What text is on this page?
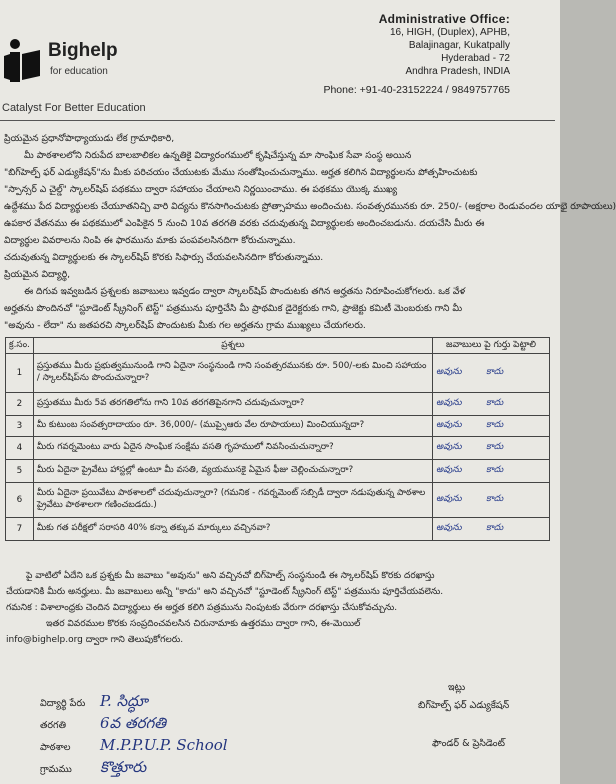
Bighelp
for education
Catalyst For Better Education
Administrative Office:
16, HIGH, (Duplex), APHB,
Balajinagar, Kukatpally
Hyderabad - 72
Andhra Pradesh, INDIA
Phone: +91-40-23152224 / 9849757765

ప్రియమైన ప్రధానోపాధ్యాయుడు లేక గ్రామాధికారి,

మీ పాఠశాలలోని నిరుపేద బాలబాలికల ఉన్నతికై విద్యారంగములో కృషిచేస్తున్న మా సాంఘిక సేవా సంస్థ అయిన

"బిగ్‌హెల్ప్ ఫర్ ఎడ్యుకేషన్"ను మీకు పరిచయం చేయుటకు మేము సంతోషించుచున్నాము. అర్హత కలిగిన విద్యార్థులను పోత్సహించుటకు

"స్పాన్సర్ ఎ చైల్డ్" స్కాలర్‌షిప్ పథకము ద్వారా సహాయం చేయాలని నిర్ణయించాము. ఈ పథకము యొక్క ముఖ్య

ఉద్దేశము పేద విద్యార్థులకు చేయూతనిచ్చి వారి విద్యను కొనసాగించుటకు ప్రోత్సాహము అందించుట. సంవత్సరమునకు రూ. 250/- (అక్షరాల రెండువందల యాభై రూపాయలు)

ఉపకార వేతనము ఈ పథకములో ఎంపికైన 5 నుంచి 10వ తరగతి వరకు చదువుతున్న విద్యార్థులకు అందించబడును. దయచేసి మీరు ఈ

విద్యార్థుల వివరాలను నింపి ఈ ఫారమును మాకు పంపవలసినదిగా కోరుచున్నాము.

చదువుతున్న విద్యార్థులకు ఈ స్కాలర్‌షిప్ కొరకు సిఫార్సు చేయవలసినదిగా కోరుతున్నాము.

ప్రియమైన విద్యార్థి,

ఈ దిగువ ఇవ్వబడిన ప్రశ్నలకు జవాబులు ఇవ్వడం ద్వారా స్కాలర్‌షిప్ పొందుటకు తగిన అర్హతను నిరూపించుకోగలరు. ఒక వేళ

అర్హతను పొందినచో "స్టూడెంట్ స్క్రీనింగ్ టెస్ట్" పత్రమును పూర్తిచేసి మీ ప్రాథమిక డైరెక్టరుకు గాని, ప్రాజెక్టు కమిటీ మెంబరుకు గాని మీ

"అవును - లేదా" ను జతపరచి స్కాలర్‌షిప్ పొందుటకు మీకు గల అర్హతను గ్రామ ముఖ్యలు చేయగలరు.

క్ర.సం.	ప్రశ్నలు	జవాబులు పై గుర్తు పెట్టాలి
1	ప్రస్తుతము మీరు ప్రభుత్వమునుండి గాని ఏదైనా సంస్థనుండి గాని సంవత్సరమునకు రూ. 500/-లకు మించి సహాయం / స్కాలర్‌షిప్‌ను పొందుచున్నారా?	అవును కాదు
2	ప్రస్తుతము మీరు 5వ తరగతిలోను గాని 10వ తరగతిపైనగాని చదువుచున్నారా?	అవును కాదు
3	మీ కుటుంబ సంవత్సరాదాయం రూ. 36,000/- (ముప్పైఆరు వేల రూపాయలు) మించియున్నదా?	అవును కాదు
4	మీరు గవర్నమెంటు వారు ఏదైన సాంఘిక సంక్షేమ వసతి గృహములో నివసించుచున్నారా?	అవును కాదు
5	మీరు ఏదైనా ప్రైవేటు హాస్టల్లో ఉంటూ మీ వసతి, వ్యయమునకై ఏమైన ఫీజు చెల్లించుచున్నారా?	అవును కాదు
6	మీరు ఏదైనా ప్రయివేటు పాఠశాలలో చదువుచున్నారా? (గమనిక - గవర్నమెంట్ సబ్సిడీ ద్వారా నడుపుతున్న పాఠశాల ప్రైవేటు పాఠశాలగా గణించబడదు.)	అవును కాదు
7	మీకు గత పరీక్షలో సరాసరి 40% కన్నా తక్కువ మార్కులు వచ్చినవా?	అవును కాదు

పై వాటిలో ఏదేని ఒక ప్రశ్నకు మీ జవాబు "అవును" అని వచ్చినచో బిగ్‌హెల్ప్ సంస్థనుండి ఈ స్కాలర్‌షిప్ కొరకు దరఖాస్తు

చేయడానికి మీరు అనర్హులు. మీ జవాబులు అన్నీ "కాదు" అని వచ్చినచో "స్టూడెంట్ స్క్రీనింగ్ టెస్ట్" పత్రమును పూర్తిచేయవలెను.

గమనిక : విశాలాంధ్రకు చెందిన విద్యార్థులు ఈ అర్హత కలిగి పత్రమును నింపుటకు వేరుగా దరఖాస్తు చేసుకోవచ్చును.

ఇతర వివరముల కొరకు సంప్రదించవలసిన చిరునామాకు ఉత్తరము ద్వారా గాని, ఈ-మెయిల్

info@bighelp.org ద్వారా గాని తెలుపుకోగలరు.

ఇట్లు
బిగ్‌హెల్ప్ ఫర్ ఎడ్యుకేషన్
ఫౌండర్ & ప్రెసిడెంట్
విద్యార్థి పేరు P. సిద్ధూ
తరగతి 6వ తరగతి
పాఠశాల M.P.P.U.P. School
గ్రామము కొత్తూరు
